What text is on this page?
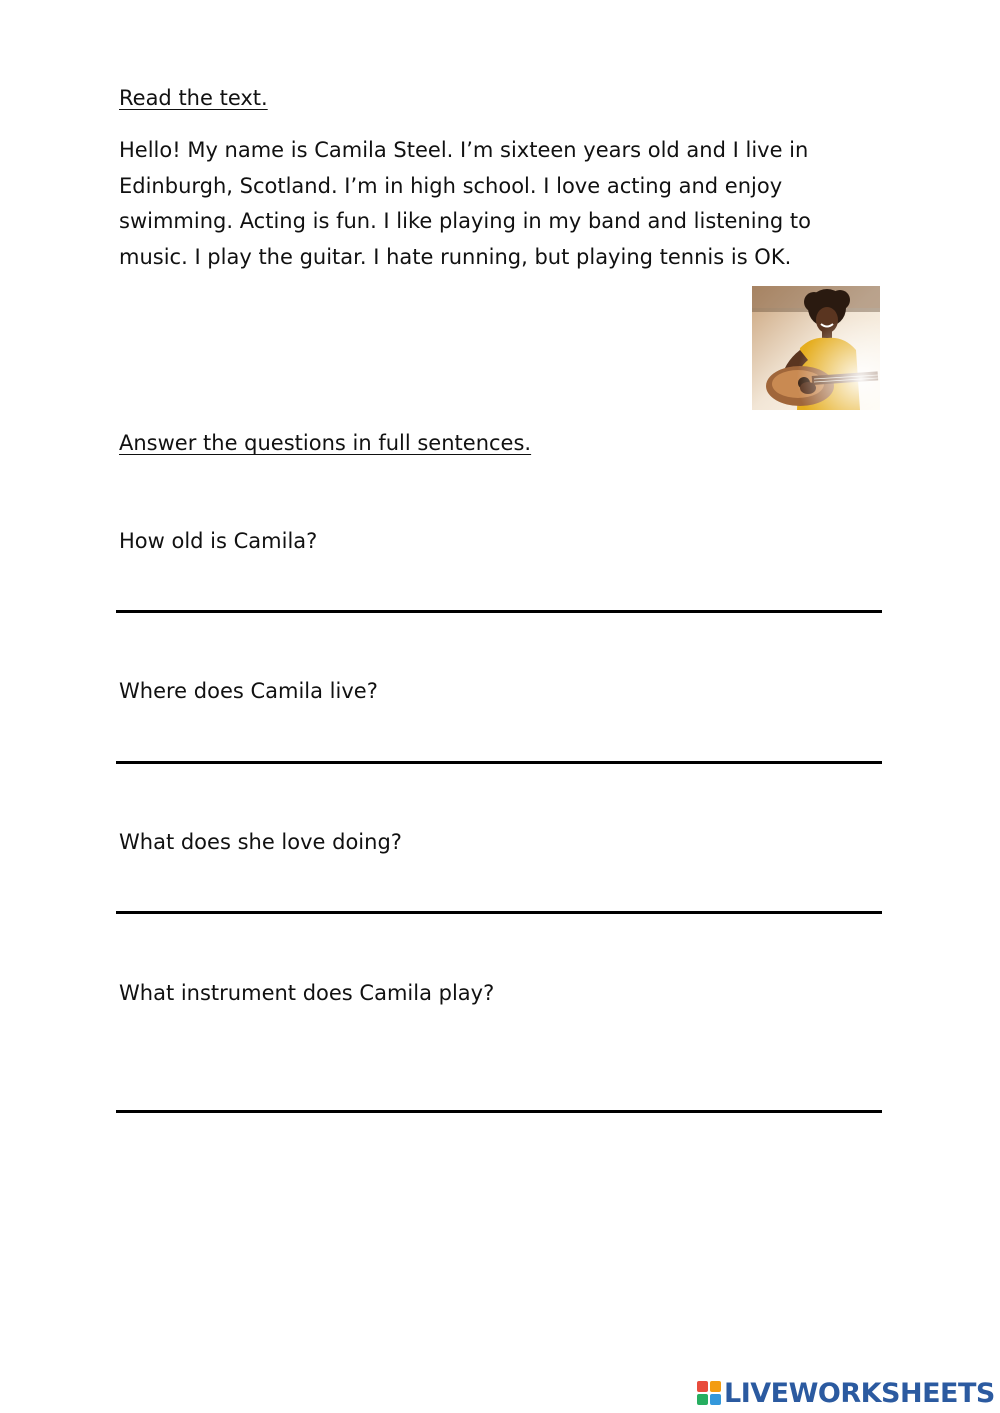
Read the text.

Hello! My name is Camila Steel. I’m sixteen years old and I live in

Edinburgh, Scotland. I’m in high school. I love acting and enjoy

swimming. Acting is fun. I like playing in my band and listening to

music. I play the guitar. I hate running, but playing tennis is OK.

Answer the questions in full sentences.
How old is Camila?
Where does Camila live?
What does she love doing?
What instrument does Camila play?
LIVEWORKSHEETS
